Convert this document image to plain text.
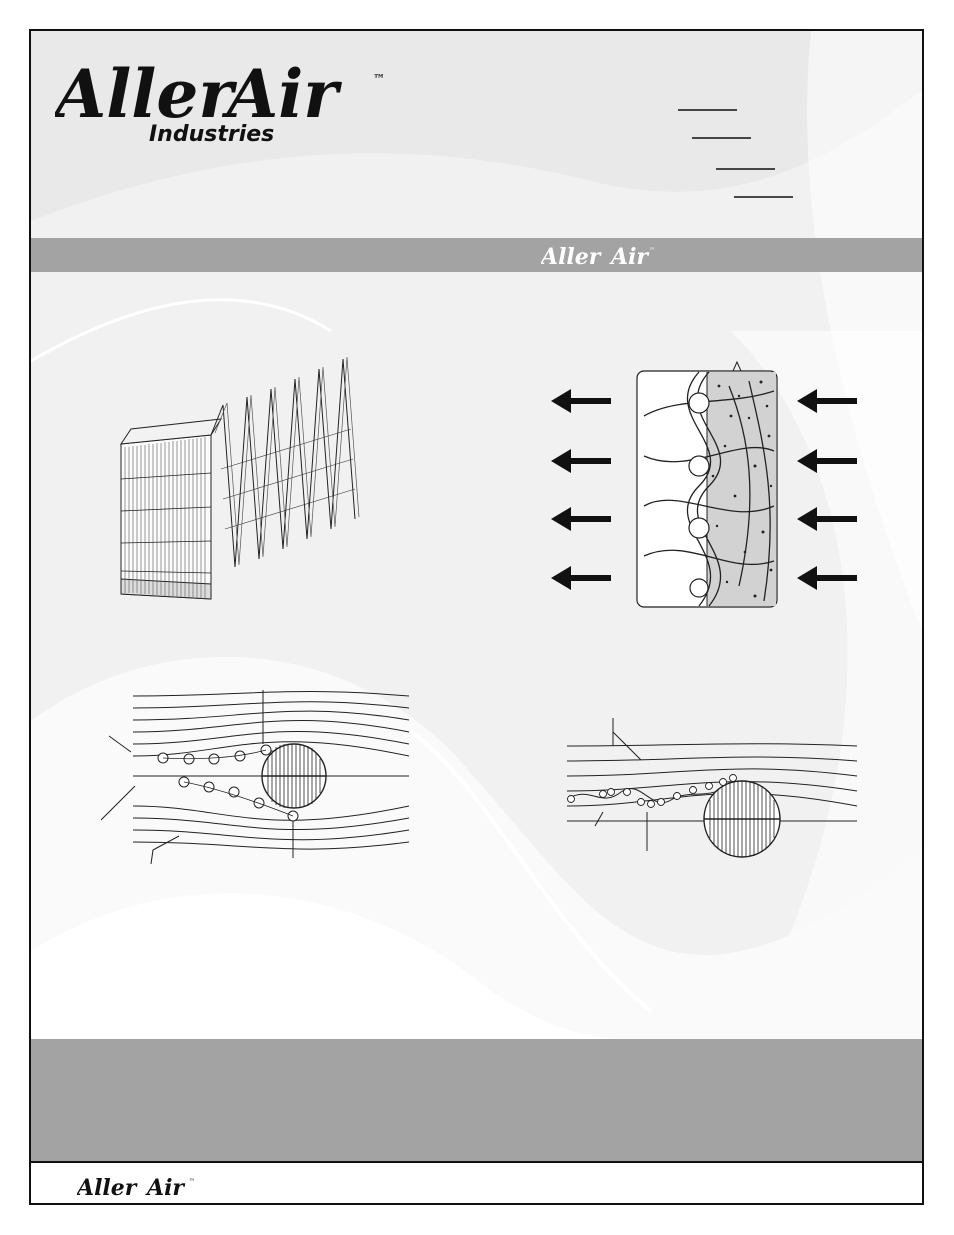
Aller
Air	™
Industries
Aller Air ™
Aller Air ™
